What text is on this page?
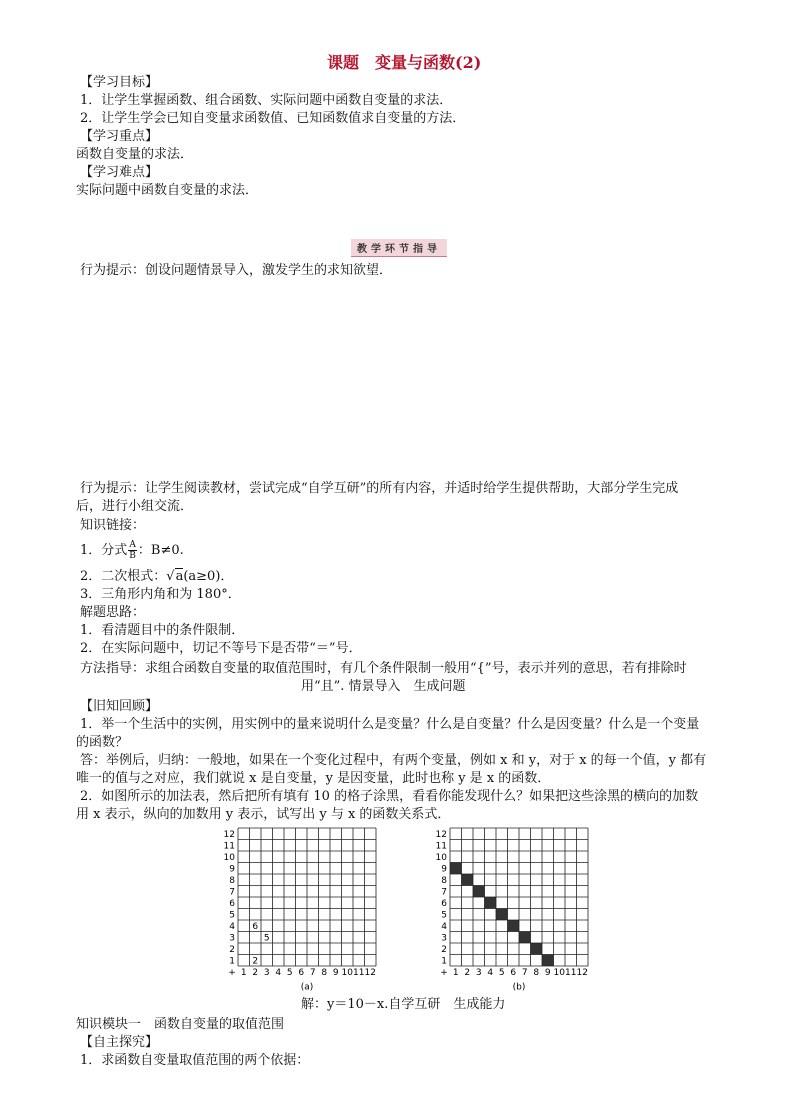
课题　变量与函数(2)
【学习目标】
1．让学生掌握函数、组合函数、实际问题中函数自变量的求法．
2．让学生学会已知自变量求函数值、已知函数值求自变量的方法．
【学习重点】
函数自变量的求法．
【学习难点】
实际问题中函数自变量的求法．
教学环节指导
行为提示：创设问题情景导入，激发学生的求知欲望．
行为提示：让学生阅读教材，尝试完成“自学互研”的所有内容，并适时给学生提供帮助，大部分学生完成
后，进行小组交流．
知识链接：
1．分式 $\frac{A}{B}$ ：B≠0.
2．二次根式：√a(a≥0)．
3．三角形内角和为 180°．
解题思路：
1．看清题目中的条件限制．
2．在实际问题中，切记不等号下是否带“＝”号．
方法指导：求组合函数自变量的取值范围时，有几个条件限制一般用“{”号，表示并列的意思，若有排除时
用“且”. 情景导入　生成问题
【旧知回顾】
1．举一个生活中的实例，用实例中的量来说明什么是变量？什么是自变量？什么是因变量？什么是一个变量
的函数？
答：举例后，归纳：一般地，如果在一个变化过程中，有两个变量，例如 x 和 y，对于 x 的每一个值，y 都有
唯一的值与之对应，我们就说 x 是自变量，y 是因变量，此时也称 y 是 x 的函数．
2．如图所示的加法表，然后把所有填有 10 的格子涂黑，看看你能发现什么？如果把这些涂黑的横向的加数
用 x 表示，纵向的加数用 y 表示，试写出 y 与 x 的函数关系式．
12
11
10
9
8
7
6
5
4
3
2
1
1 2 3 4 5 6 7 8 9 10 11 12
+
2
5
6
(a)
12
11
10
9
8
7
6
5
4
3
2
1
1 2 3 4 5 6 7 8 9 10 11 12
+
(b)
解：y＝10－x.自学互研　生成能力
知识模块一　函数自变量的取值范围
【自主探究】
1．求函数自变量取值范围的两个依据：
